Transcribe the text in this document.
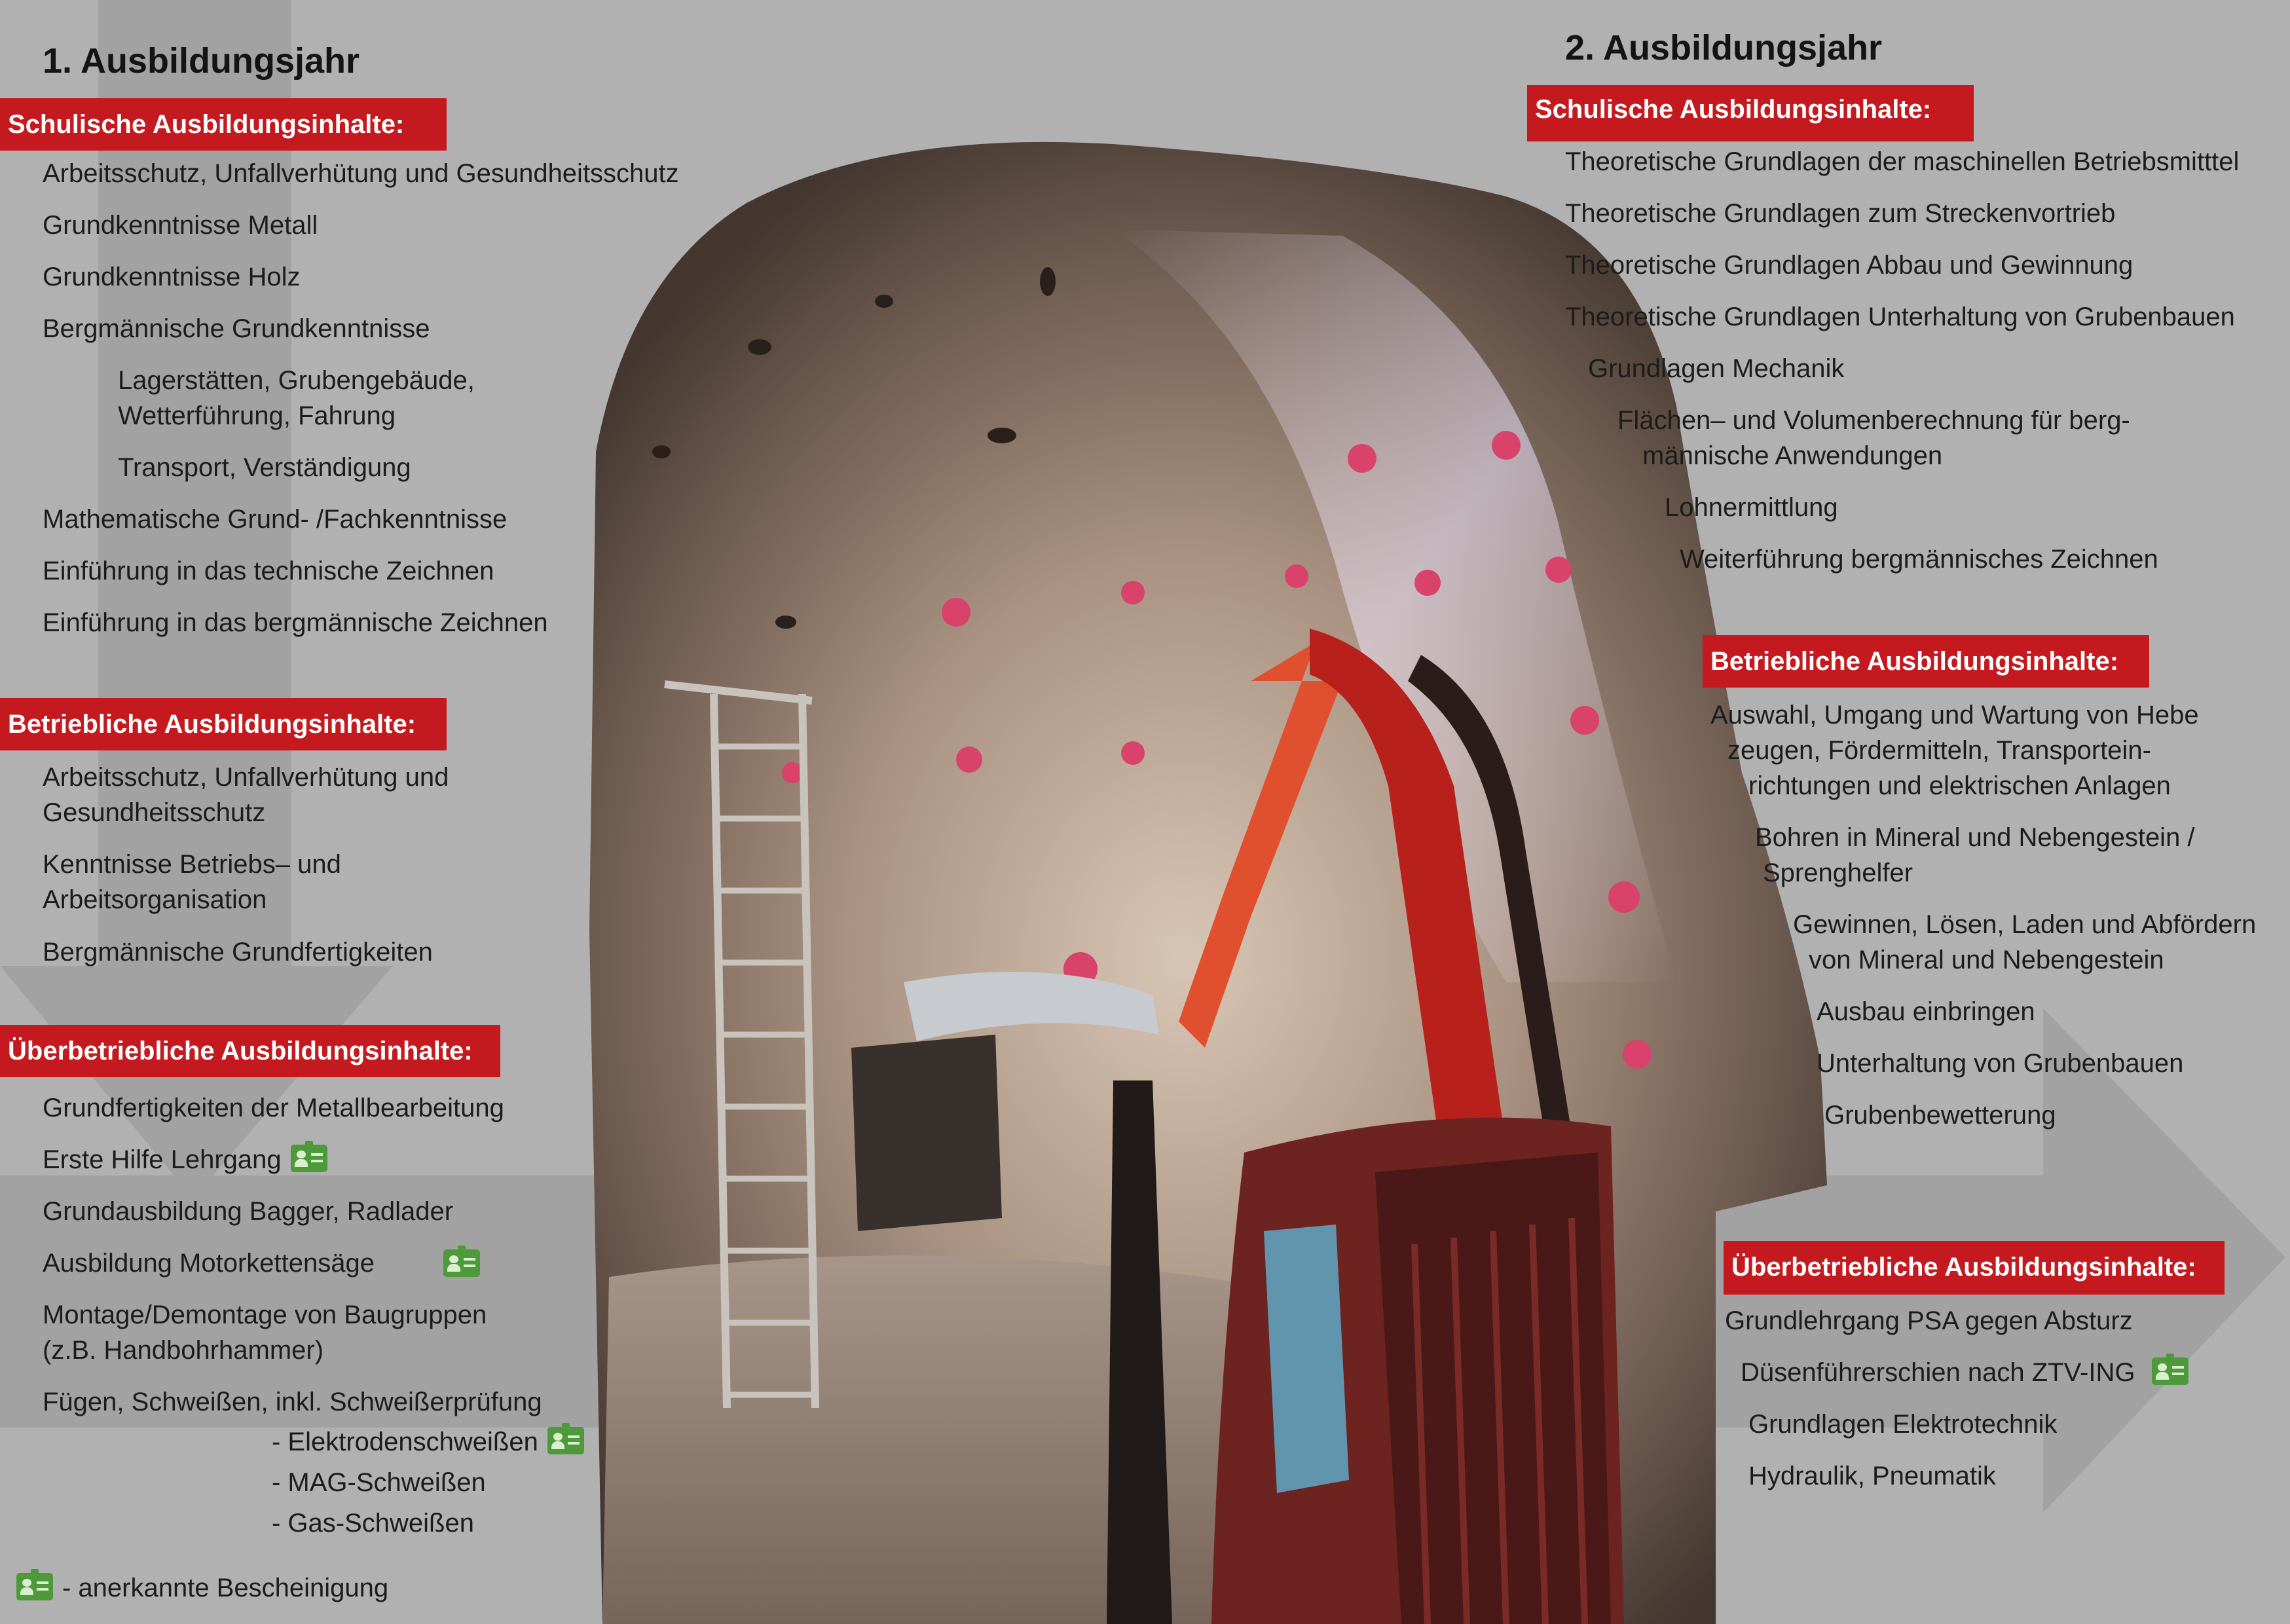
1. Ausbildungsjahr
Schulische Ausbildungsinhalte:
Arbeitsschutz, Unfallverhütung und Gesundheitsschutz
Grundkenntnisse Metall
Grundkenntnisse Holz
Bergmännische Grundkenntnisse
Lagerstätten, Grubengebäude,
Wetterführung, Fahrung
Transport, Verständigung
Mathematische Grund- /Fachkenntnisse
Einführung in das technische Zeichnen
Einführung in das bergmännische Zeichnen
Betriebliche Ausbildungsinhalte:
Arbeitsschutz, Unfallverhütung und
Gesundheitsschutz
Kenntnisse Betriebs– und
Arbeitsorganisation
Bergmännische Grundfertigkeiten
Überbetriebliche Ausbildungsinhalte:
Grundfertigkeiten der Metallbearbeitung
Erste Hilfe Lehrgang
Grundausbildung Bagger, Radlader
Ausbildung Motorkettensäge
Montage/Demontage von Baugruppen
(z.B. Handbohrhammer)
Fügen, Schweißen, inkl. Schweißerprüfung
- Elektrodenschweißen
- MAG-Schweißen
- Gas-Schweißen
- anerkannte Bescheinigung
2. Ausbildungsjahr
Schulische Ausbildungsinhalte:
Theoretische Grundlagen der maschinellen Betriebsmitttel
Theoretische Grundlagen zum Streckenvortrieb
Theoretische Grundlagen Abbau und Gewinnung
Theoretische Grundlagen Unterhaltung von Grubenbauen
Grundlagen Mechanik
Flächen– und Volumenberechnung für berg-
männische Anwendungen
Lohnermittlung
Weiterführung bergmännisches Zeichnen
Betriebliche Ausbildungsinhalte:
Auswahl, Umgang und Wartung von Hebe
zeugen, Fördermitteln, Transportein-
richtungen und elektrischen Anlagen
Bohren in Mineral und Nebengestein /
Sprenghelfer
Gewinnen, Lösen, Laden und Abfördern
von Mineral und Nebengestein
Ausbau einbringen
Unterhaltung von Grubenbauen
Grubenbewetterung
Überbetriebliche Ausbildungsinhalte:
Grundlehrgang PSA gegen Absturz
Düsenführerschien nach ZTV-ING
Grundlagen Elektrotechnik
Hydraulik, Pneumatik
